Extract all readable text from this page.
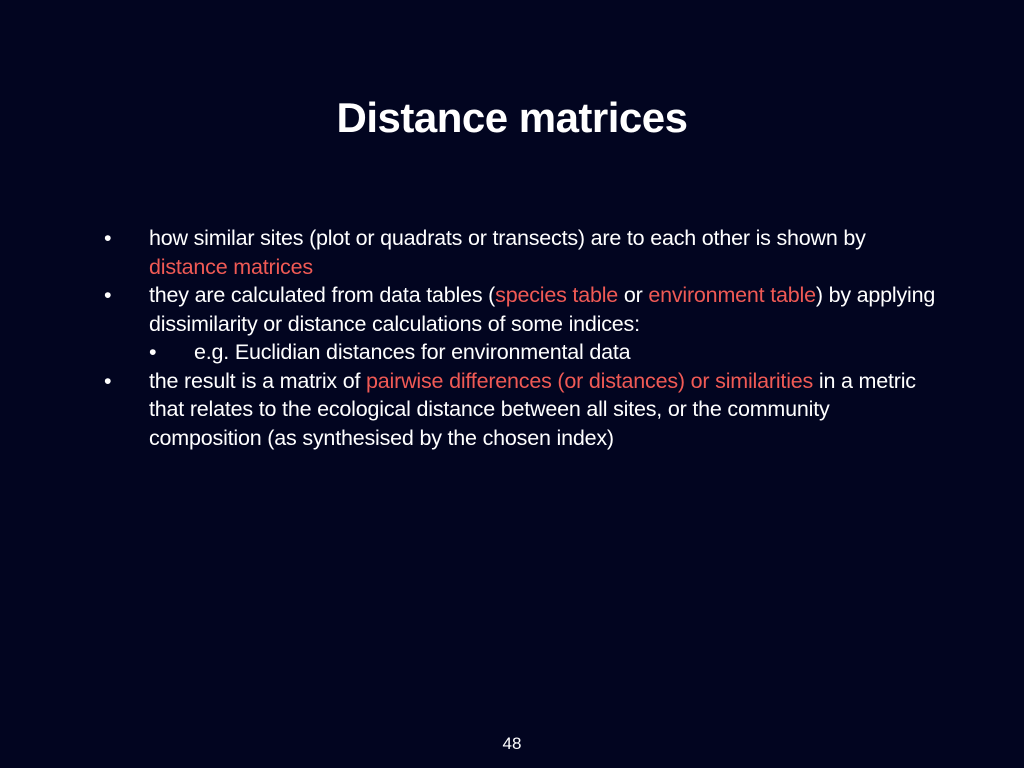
Distance matrices
• how similar sites (plot or quadrats or transects) are to each other is shown by distance matrices
• they are calculated from data tables (species table or environment table) by applying dissimilarity or distance calculations of some indices:
• e.g. Euclidian distances for environmental data
• the result is a matrix of pairwise differences (or distances) or similarities in a metric that relates to the ecological distance between all sites, or the community composition (as synthesised by the chosen index)
48
